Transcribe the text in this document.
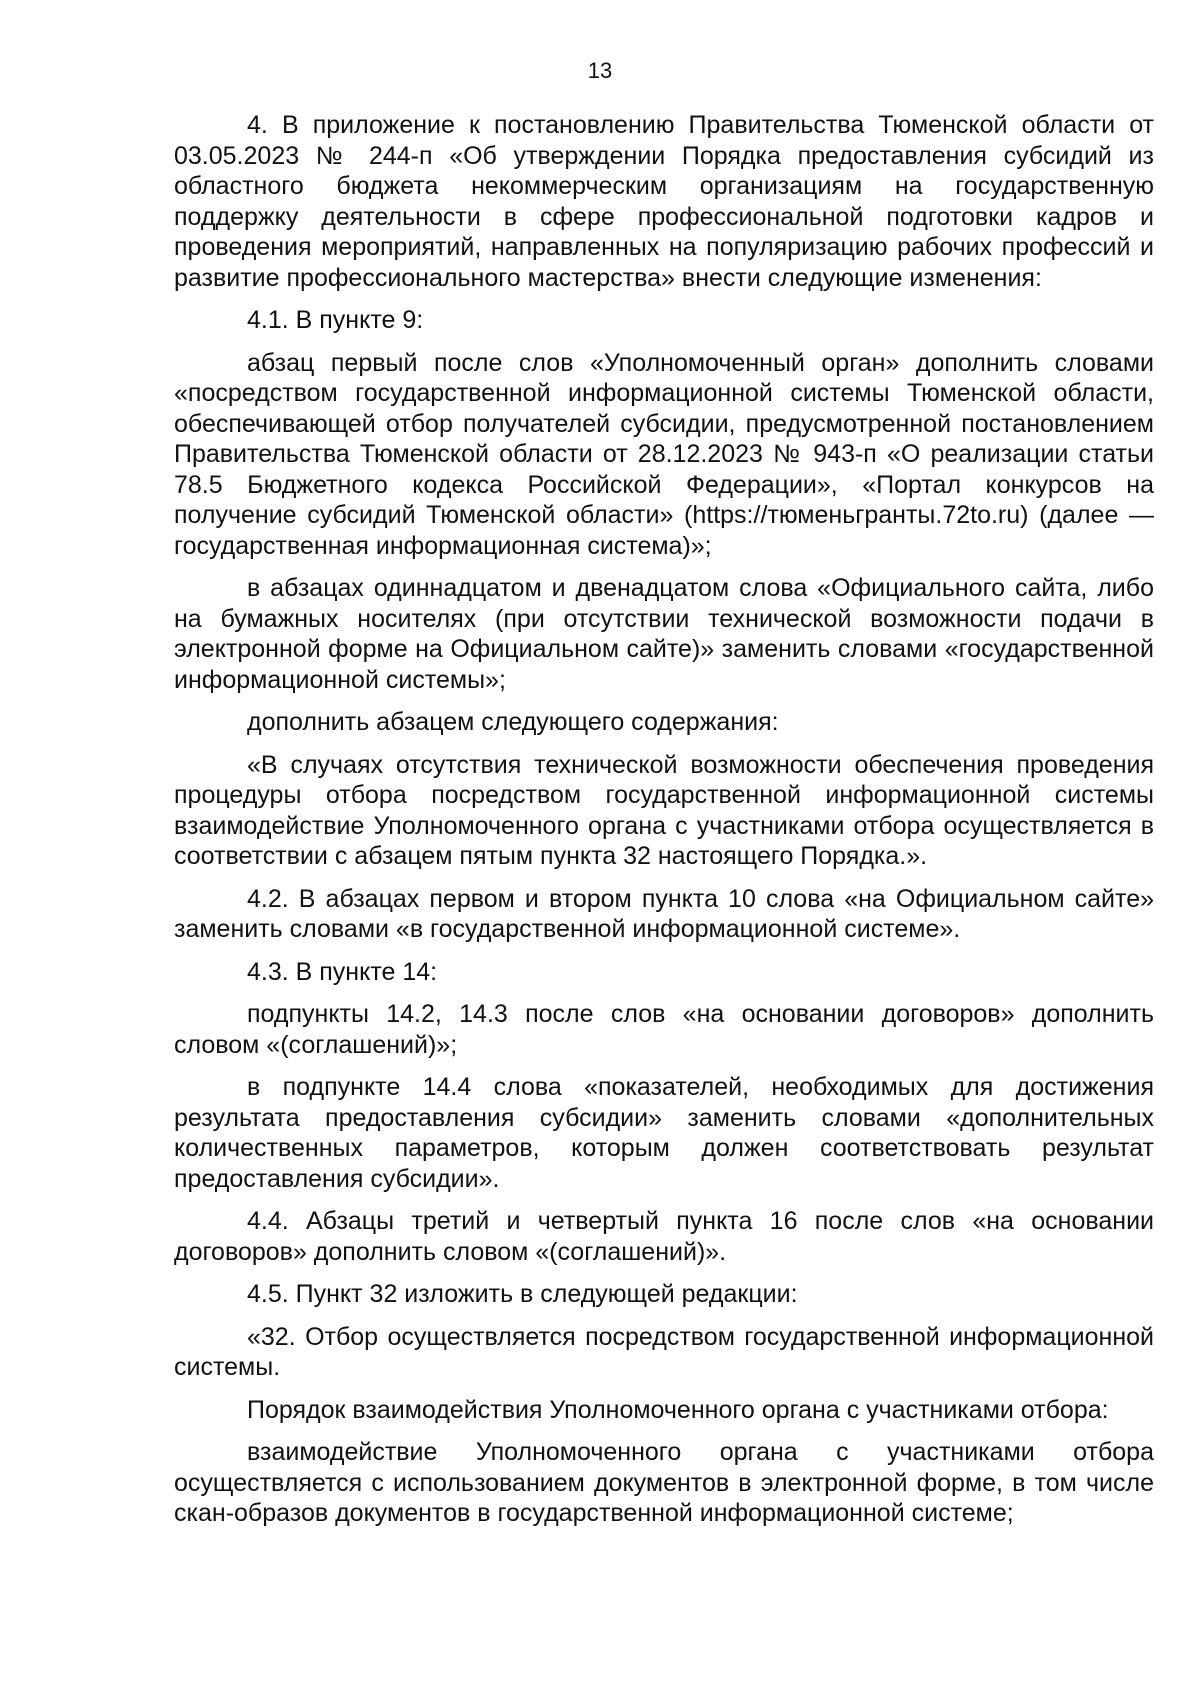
13

4. В приложение к постановлению Правительства Тюменской области от 03.05.2023 № 244-п «Об утверждении Порядка предоставления субсидий из областного бюджета некоммерческим организациям на государственную поддержку деятельности в сфере профессиональной подготовки кадров и проведения мероприятий, направленных на популяризацию рабочих профессий и развитие профессионального мастерства» внести следующие изменения:

4.1. В пункте 9:

абзац первый после слов «Уполномоченный орган» дополнить словами «посредством государственной информационной системы Тюменской области, обеспечивающей отбор получателей субсидии, предусмотренной постановлением Правительства Тюменской области от 28.12.2023 № 943-п «О реализации статьи 78.5 Бюджетного кодекса Российской Федерации», «Портал конкурсов на получение субсидий Тюменской области» (https://тюменьгранты.72to.ru) (далее — государственная информационная система)»;

в абзацах одиннадцатом и двенадцатом слова «Официального сайта, либо на бумажных носителях (при отсутствии технической возможности подачи в электронной форме на Официальном сайте)» заменить словами «государственной информационной системы»;

дополнить абзацем следующего содержания:

«В случаях отсутствия технической возможности обеспечения проведения процедуры отбора посредством государственной информационной системы взаимодействие Уполномоченного органа с участниками отбора осуществляется в соответствии с абзацем пятым пункта 32 настоящего Порядка.».

4.2. В абзацах первом и втором пункта 10 слова «на Официальном сайте» заменить словами «в государственной информационной системе».

4.3. В пункте 14:

подпункты 14.2, 14.3 после слов «на основании договоров» дополнить словом «(соглашений)»;

в подпункте 14.4 слова «показателей, необходимых для достижения результата предоставления субсидии» заменить словами «дополнительных количественных параметров, которым должен соответствовать результат предоставления субсидии».

4.4. Абзацы третий и четвертый пункта 16 после слов «на основании договоров» дополнить словом «(соглашений)».

4.5. Пункт 32 изложить в следующей редакции:

«32. Отбор осуществляется посредством государственной информационной системы.

Порядок взаимодействия Уполномоченного органа с участниками отбора:

взаимодействие Уполномоченного органа с участниками отбора осуществляется с использованием документов в электронной форме, в том числе скан-образов документов в государственной информационной системе;
